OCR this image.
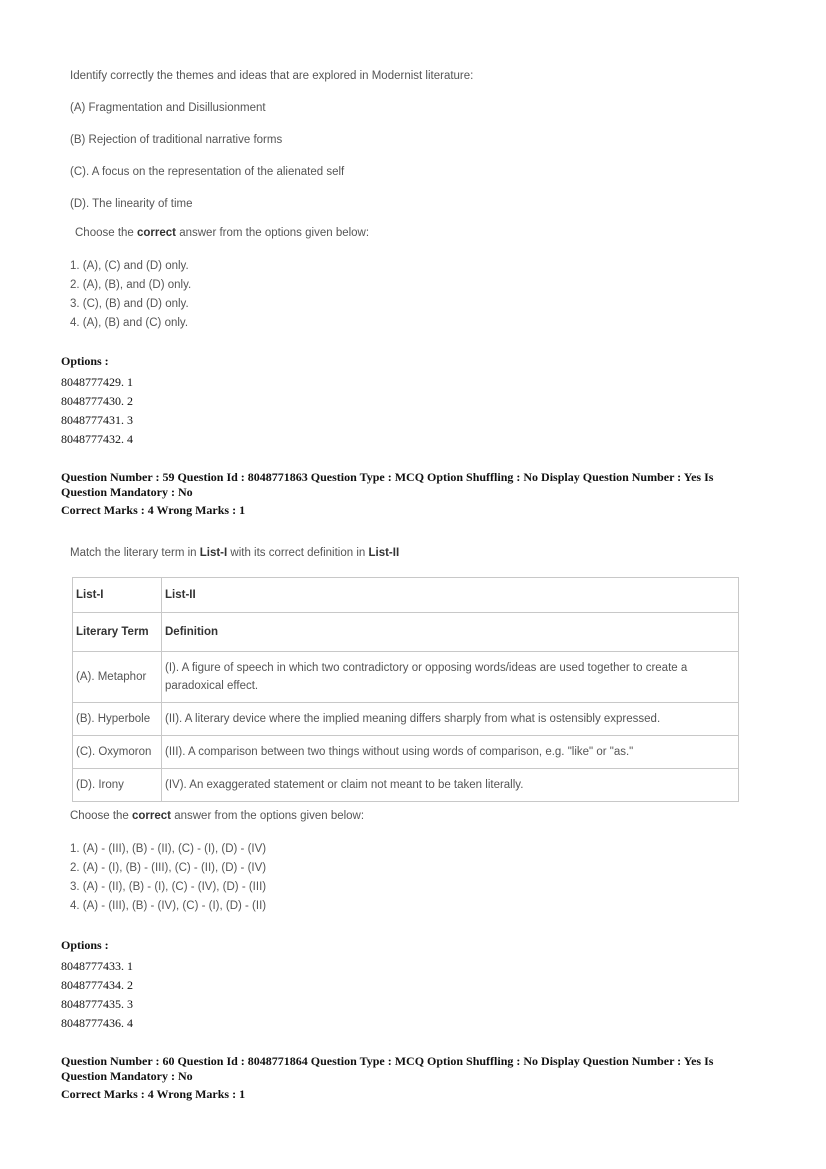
Identify correctly the themes and ideas that are explored in Modernist literature:

(A) Fragmentation and Disillusionment

(B) Rejection of traditional narrative forms

(C). A focus on the representation of the alienated self

(D). The linearity of time

Choose the correct answer from the options given below:

1. (A), (C) and (D) only.

2. (A), (B), and (D) only.

3. (C), (B) and (D) only.

4. (A), (B) and (C) only.

Options :
8048777429. 1
8048777430. 2
8048777431. 3
8048777432. 4
Question Number : 59 Question Id : 8048771863 Question Type : MCQ Option Shuffling : No Display Question Number : Yes Is Question Mandatory : No
Correct Marks : 4 Wrong Marks : 1
Match the literary term in List-I with its correct definition in List-II
List-I	List-II
Literary Term	Definition
(A). Metaphor	(I). A figure of speech in which two contradictory or opposing words/ideas are used together to create a paradoxical effect.
(B). Hyperbole	(II). A literary device where the implied meaning differs sharply from what is ostensibly expressed.
(C). Oxymoron	(III). A comparison between two things without using words of comparison, e.g. "like" or "as."
(D). Irony	(IV). An exaggerated statement or claim not meant to be taken literally.
Choose the correct answer from the options given below:

1. (A) - (III), (B) - (II), (C) - (I), (D) - (IV)

2. (A) - (I), (B) - (III), (C) - (II), (D) - (IV)

3. (A) - (II), (B) - (I), (C) - (IV), (D) - (III)

4. (A) - (III), (B) - (IV), (C) - (I), (D) - (II)

Options :
8048777433. 1
8048777434. 2
8048777435. 3
8048777436. 4
Question Number : 60 Question Id : 8048771864 Question Type : MCQ Option Shuffling : No Display Question Number : Yes Is Question Mandatory : No
Correct Marks : 4 Wrong Marks : 1
